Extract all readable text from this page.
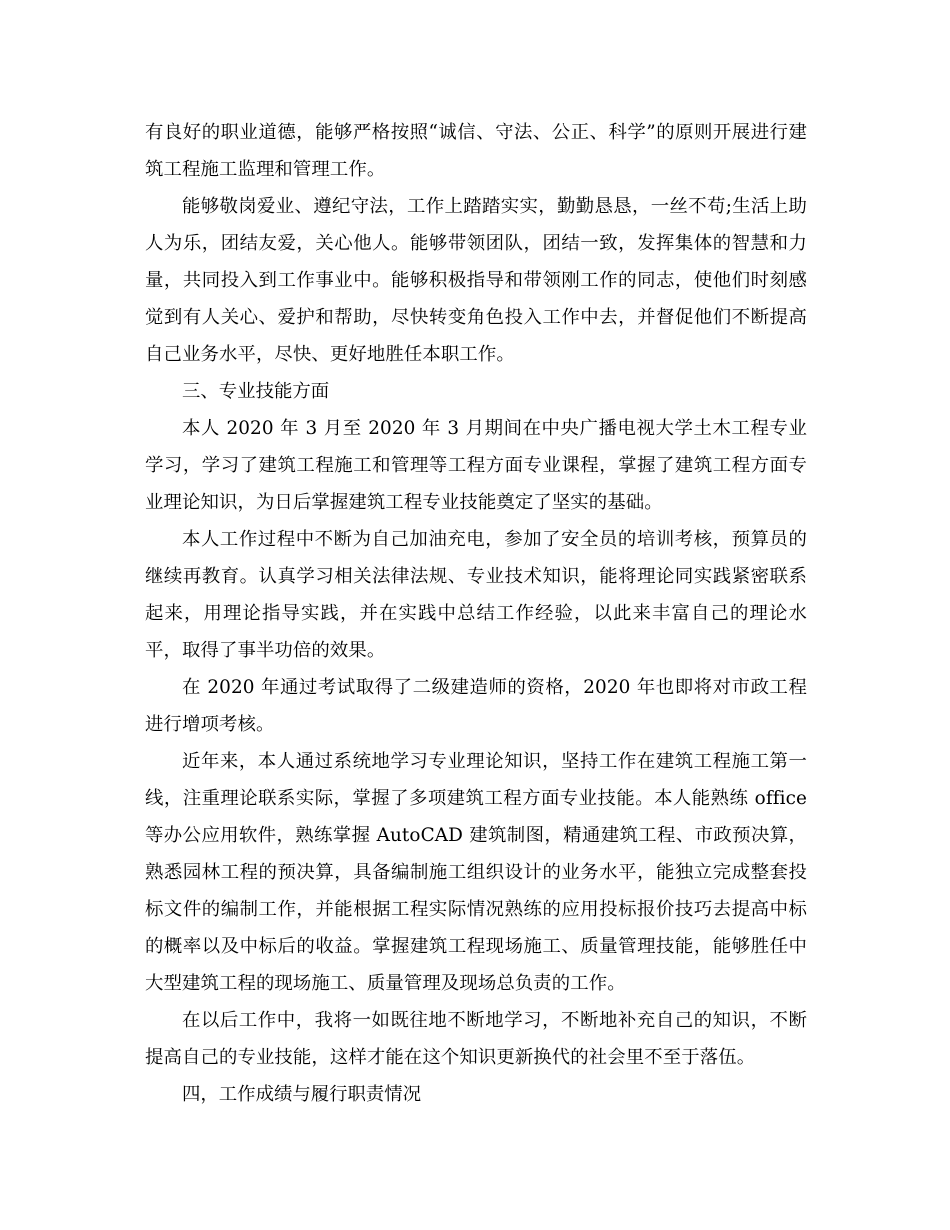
有良好的职业道德，能够严格按照“诚信、守法、公正、科学”的原则开展进行建筑工程施工监理和管理工作。

能够敬岗爱业、遵纪守法，工作上踏踏实实，勤勤恳恳，一丝不苟;生活上助人为乐，团结友爱，关心他人。能够带领团队，团结一致，发挥集体的智慧和力量，共同投入到工作事业中。能够积极指导和带领刚工作的同志，使他们时刻感觉到有人关心、爱护和帮助，尽快转变角色投入工作中去，并督促他们不断提高自己业务水平，尽快、更好地胜任本职工作。

三、专业技能方面

本人 2020 年 3 月至 2020 年 3 月期间在中央广播电视大学土木工程专业学习，学习了建筑工程施工和管理等工程方面专业课程，掌握了建筑工程方面专业理论知识，为日后掌握建筑工程专业技能奠定了坚实的基础。

本人工作过程中不断为自己加油充电，参加了安全员的培训考核，预算员的继续再教育。认真学习相关法律法规、专业技术知识，能将理论同实践紧密联系起来，用理论指导实践，并在实践中总结工作经验，以此来丰富自己的理论水平，取得了事半功倍的效果。

在 2020 年通过考试取得了二级建造师的资格，2020 年也即将对市政工程进行增项考核。

近年来，本人通过系统地学习专业理论知识，坚持工作在建筑工程施工第一线，注重理论联系实际，掌握了多项建筑工程方面专业技能。本人能熟练 office 等办公应用软件，熟练掌握 AutoCAD 建筑制图，精通建筑工程、市政预决算，熟悉园林工程的预决算，具备编制施工组织设计的业务水平，能独立完成整套投标文件的编制工作，并能根据工程实际情况熟练的应用投标报价技巧去提高中标的概率以及中标后的收益。掌握建筑工程现场施工、质量管理技能，能够胜任中大型建筑工程的现场施工、质量管理及现场总负责的工作。

在以后工作中，我将一如既往地不断地学习，不断地补充自己的知识，不断提高自己的专业技能，这样才能在这个知识更新换代的社会里不至于落伍。

四，工作成绩与履行职责情况
